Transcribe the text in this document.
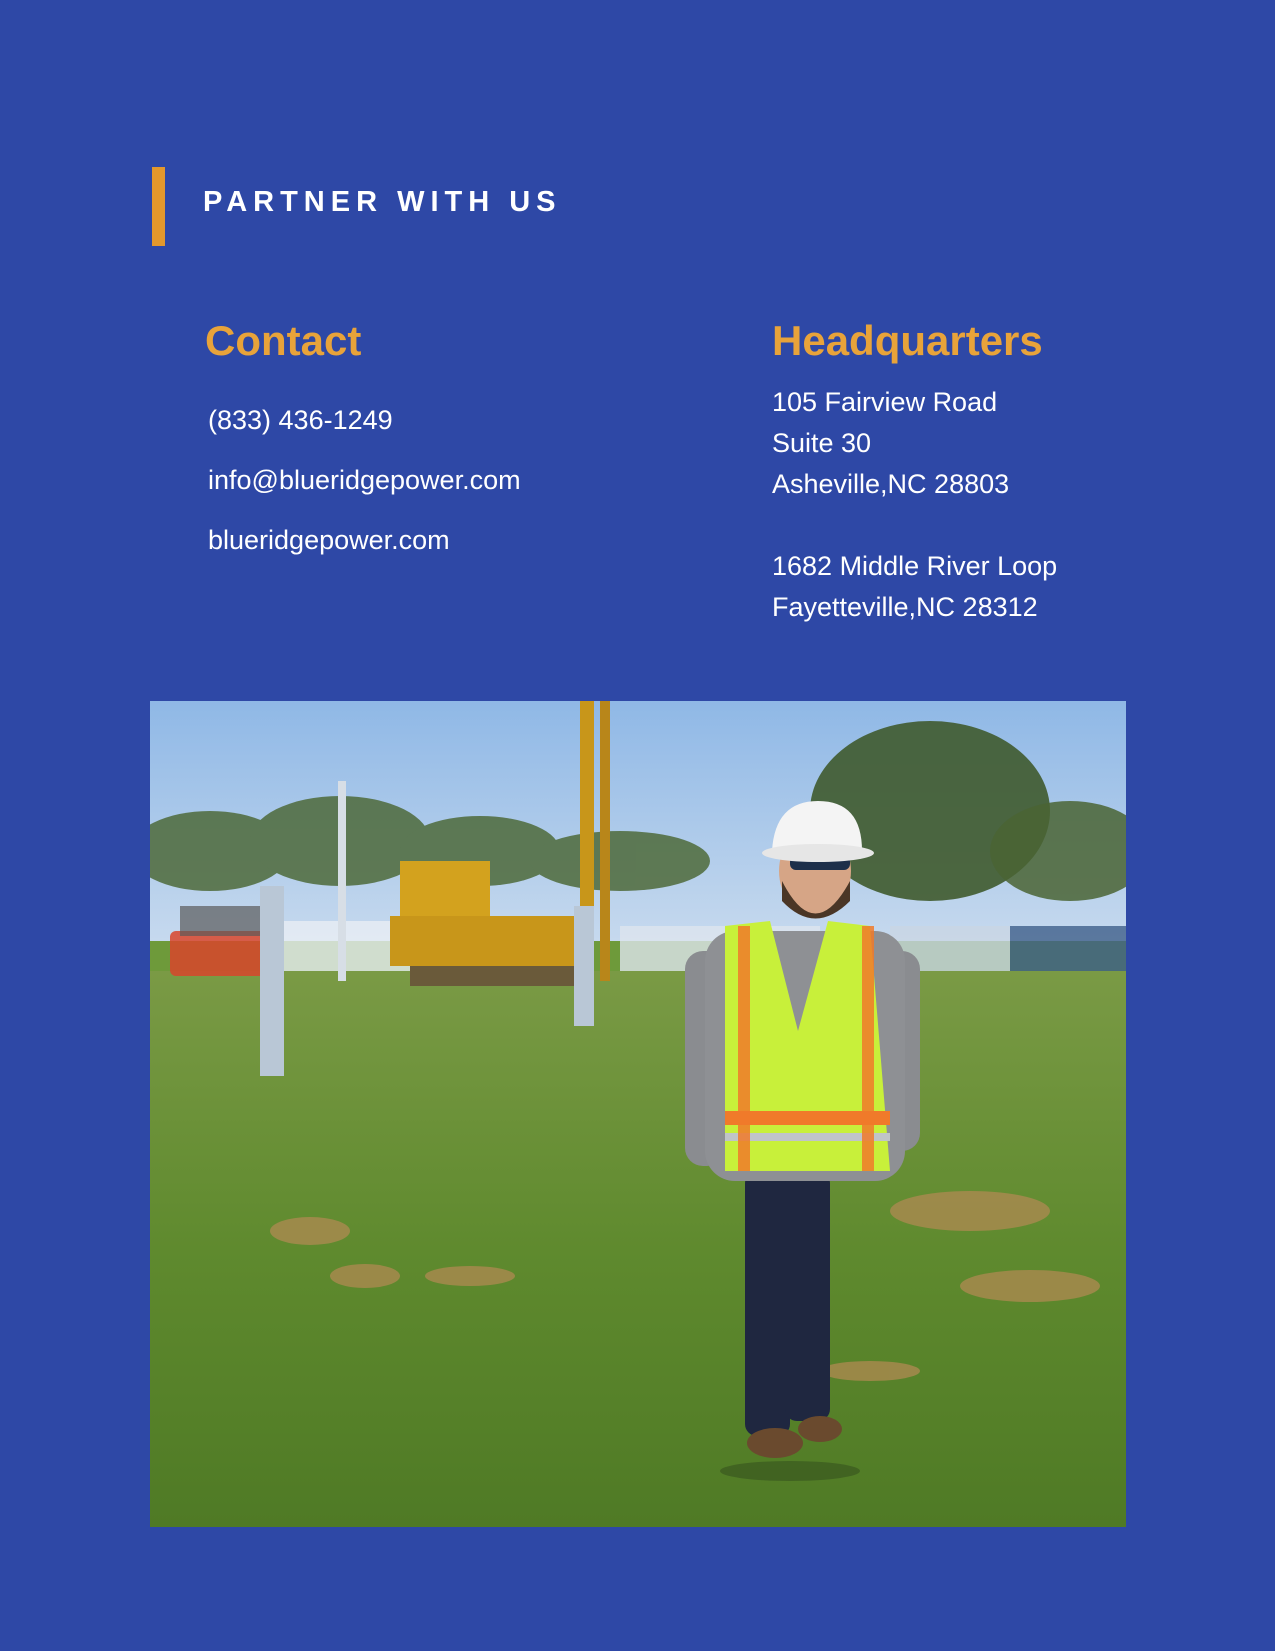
PARTNER WITH US
Contact
(833) 436-1249
info@blueridgepower.com
blueridgepower.com
Headquarters
105 Fairview Road
Suite 30
Asheville,NC 28803
1682 Middle River Loop
Fayetteville,NC 28312
